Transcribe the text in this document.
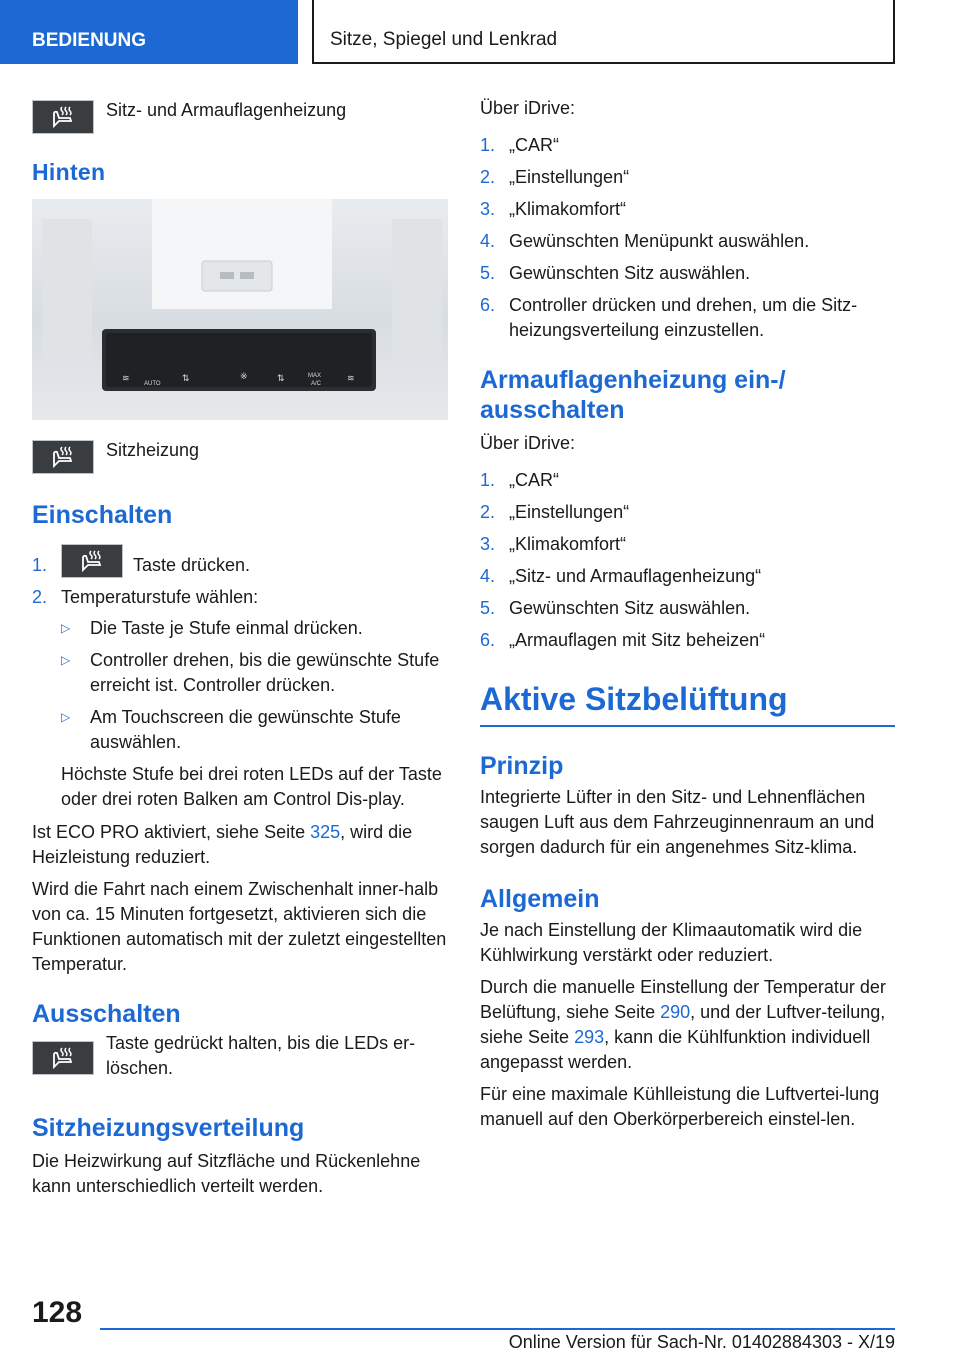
BEDIENUNG	Sitze, Spiegel und Lenkrad
Sitz- und Armauflagenheizung
Hinten
AUTO
MAX
A/C
⇅	⇅
≋	≋
※
Sitzheizung
Einschalten
1.	Taste drücken.
2. Temperaturstufe wählen:
▷	Die Taste je Stufe einmal drücken.
▷	Controller drehen, bis die gewünschte Stufe erreicht ist. Controller drücken.
▷	Am Touchscreen die gewünschte Stufe auswählen.
Höchste Stufe bei drei roten LEDs auf der Taste oder drei roten Balken am Control Dis-play.

Ist ECO PRO aktiviert, siehe Seite 325, wird die Heizleistung reduziert.

Wird die Fahrt nach einem Zwischenhalt inner-halb von ca. 15 Minuten fortgesetzt, aktivieren sich die Funktionen automatisch mit der zuletzt eingestellten Temperatur.

Ausschalten
Taste gedrückt halten, bis die LEDs er-löschen.
Sitzheizungsverteilung

Die Heizwirkung auf Sitzfläche und Rückenlehne kann unterschiedlich verteilt werden.

Über iDrive:

1. „CAR“
2. „Einstellungen“
3. „Klimakomfort“
4. Gewünschten Menüpunkt auswählen.
5. Gewünschten Sitz auswählen.
6. Controller drücken und drehen, um die Sitz-heizungsverteilung einzustellen.
Armauflagenheizung ein-/ ausschalten

Über iDrive:

1. „CAR“
2. „Einstellungen“
3. „Klimakomfort“
4. „Sitz- und Armauflagenheizung“
5. Gewünschten Sitz auswählen.
6. „Armauflagen mit Sitz beheizen“
Aktive Sitzbelüftung
Prinzip

Integrierte Lüfter in den Sitz- und Lehnenflächen saugen Luft aus dem Fahrzeuginnenraum an und sorgen dadurch für ein angenehmes Sitz-klima.

Allgemein

Je nach Einstellung der Klimaautomatik wird die Kühlwirkung verstärkt oder reduziert.

Durch die manuelle Einstellung der Temperatur der Belüftung, siehe Seite 290, und der Luftver-teilung, siehe Seite 293, kann die Kühlfunktion individuell angepasst werden.

Für eine maximale Kühlleistung die Luftvertei-lung manuell auf den Oberkörperbereich einstel-len.

128
Online Version für Sach-Nr. 01402884303 - X/19
